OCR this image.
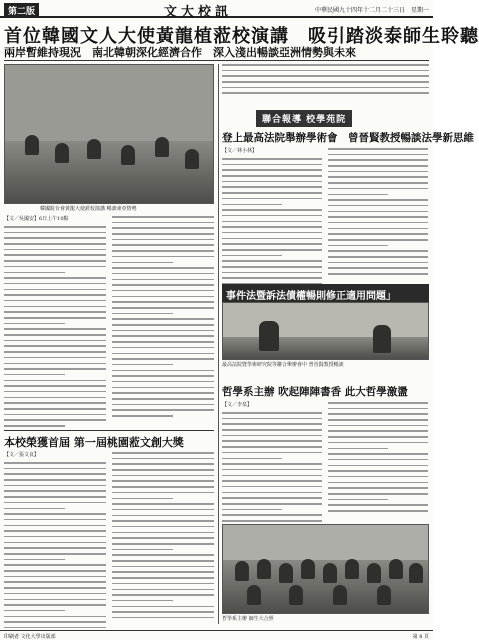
第二版	文大校訊	中華民國九十四年十二月二十三日　星期一
首位韓國文人大使黃龍植蒞校演講　吸引踏淡泰師生聆聽
兩岸暫維持現況　南北韓朝深化經濟合作　深入淺出暢談亞洲情勢與未來
韓國駐台會黃龍大使蒞校演講 暢談東亞情勢
【文／吳國安】6日上午10點
聯合報導 校學苑院
登上最高法院舉辦學術會　曾晉賢教授暢談法學新思維
【文／林小林】
事件法暨訴法債權暢則修正適用問題」
最高法院暨學術研究院等聯合舉辦會中 曾晉賢教授暢談
哲學系主辦 吹起陣陣書香 此大哲學激盪
【文／李泉】
本校榮獲首屆 第一屆桃園蒞文創大獎
【文／張文良】
哲學系主辦 師生大合照
印刷者 文化大學出版部	第 8 頁
